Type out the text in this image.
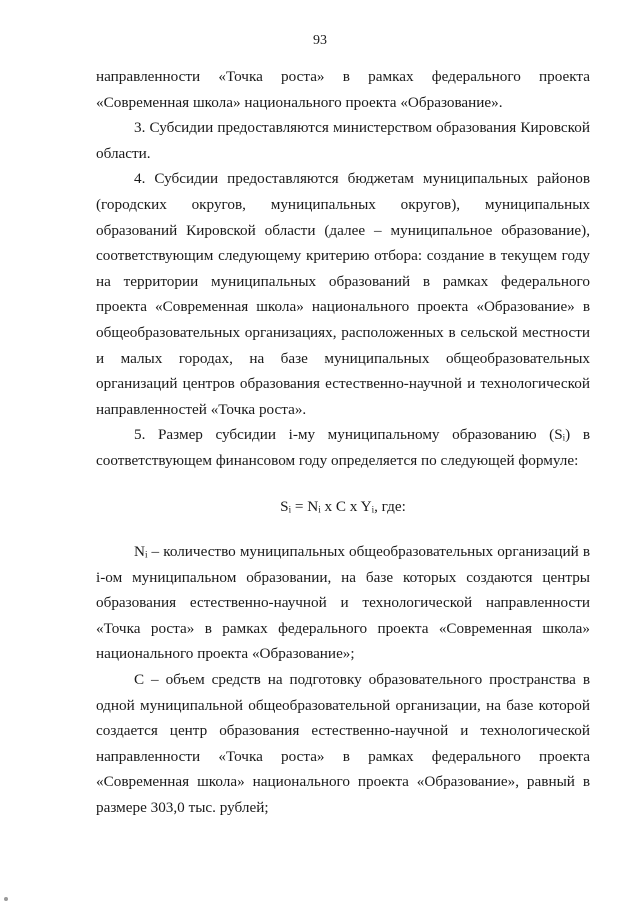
93

направленности «Точка роста» в рамках федерального проекта «Современная школа» национального проекта «Образование».

3. Субсидии предоставляются министерством образования Кировской области.

4. Субсидии предоставляются бюджетам муниципальных районов (городских округов, муниципальных округов), муниципальных образований Кировской области (далее – муниципальное образование), соответствующим следующему критерию отбора: создание в текущем году на территории муниципальных образований в рамках федерального проекта «Современная школа» национального проекта «Образование» в общеобразовательных организациях, расположенных в сельской местности и малых городах, на базе муниципальных общеобразовательных организаций центров образования естественно-научной и технологической направленностей «Точка роста».

5. Размер субсидии i-му муниципальному образованию (Sᵢ) в соответствующем финансовом году определяется по следующей формуле:

Sᵢ = Nᵢ x C x Yᵢ, где:

Nᵢ – количество муниципальных общеобразовательных организаций в i-ом муниципальном образовании, на базе которых создаются центры образования естественно-научной и технологической направленности «Точка роста» в рамках федерального проекта «Современная школа» национального проекта «Образование»;

C – объем средств на подготовку образовательного пространства в одной муниципальной общеобразовательной организации, на базе которой создается центр образования естественно-научной и технологической направленности «Точка роста» в рамках федерального проекта «Современная школа» национального проекта «Образование», равный в размере 303,0 тыс. рублей;
